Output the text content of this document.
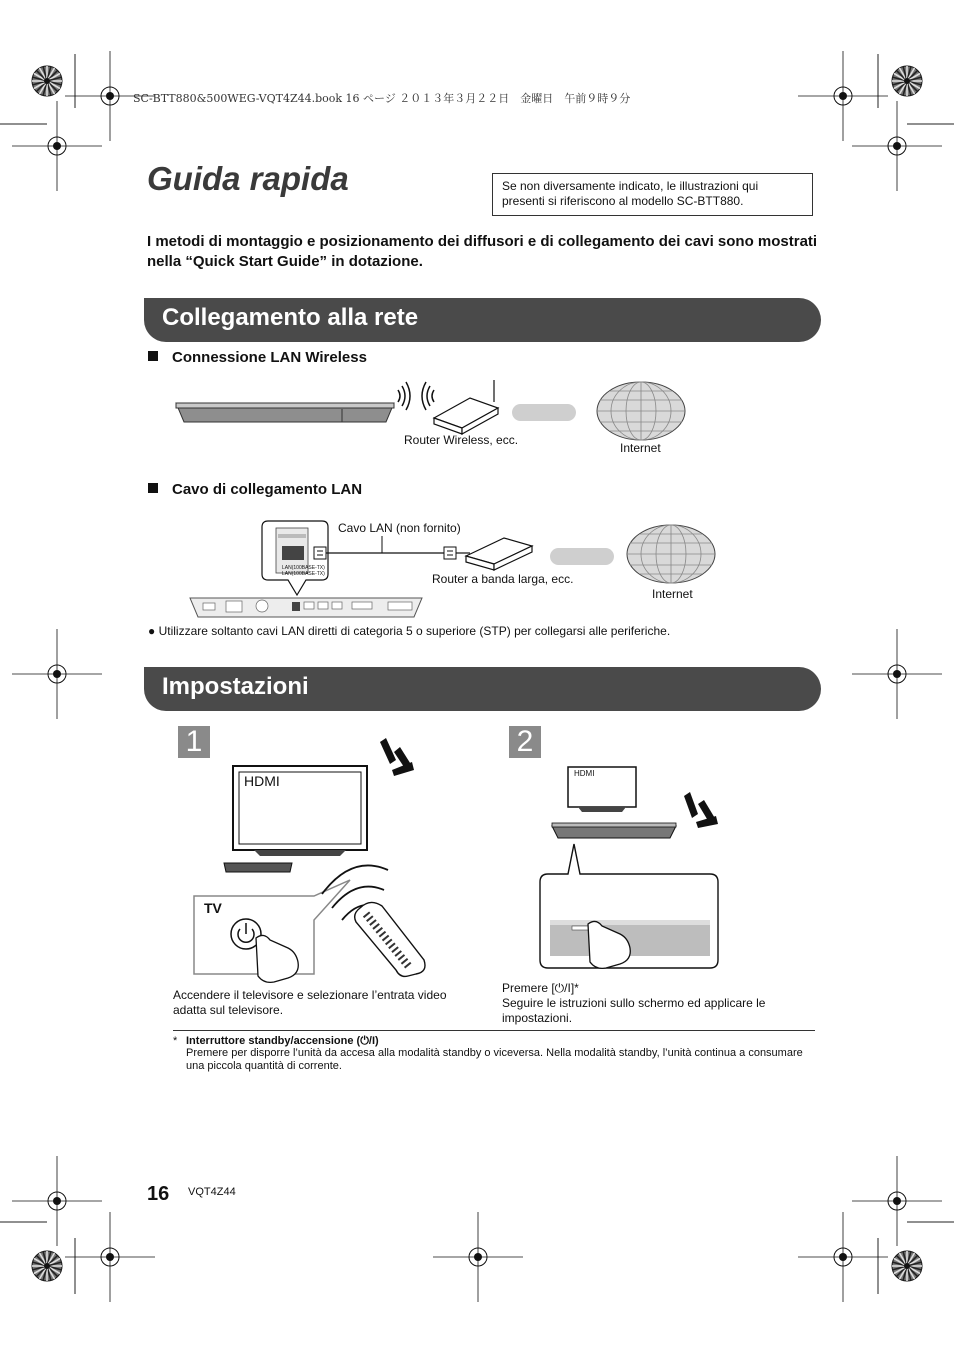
SC-BTT880&500WEG-VQT4Z44.book 16 ページ ２０１３年３月２２日　金曜日　午前９時９分
Guida rapida	Se non diversamente indicato, le illustrazioni qui presenti si riferiscono al modello SC-BTT880.
I metodi di montaggio e posizionamento dei diffusori e di collegamento dei cavi sono mostrati nella “Quick Start Guide” in dotazione.
Collegamento alla rete
Connessione LAN Wireless
Router Wireless, ecc.
Internet
Cavo di collegamento LAN
LAN(100BASE-TX)
LAN(100BASE-TX)
Cavo LAN (non fornito)
Router a banda larga, ecc.
Internet
● Utilizzare soltanto cavi LAN diretti di categoria 5 o superiore (STP) per collegarsi alle periferiche.
Impostazioni
1	2
HDMI
TV
HDMI
Accendere il televisore e selezionare l’entrata video adatta sul televisore.
Premere [⏻/I]*
Seguire le istruzioni sullo schermo ed applicare le impostazioni.
* Interruttore standby/accensione (⏻/I)
Premere per disporre l’unità da accesa alla modalità standby o viceversa. Nella modalità standby, l’unità continua a consumare una piccola quantità di corrente.
16 VQT4Z44
